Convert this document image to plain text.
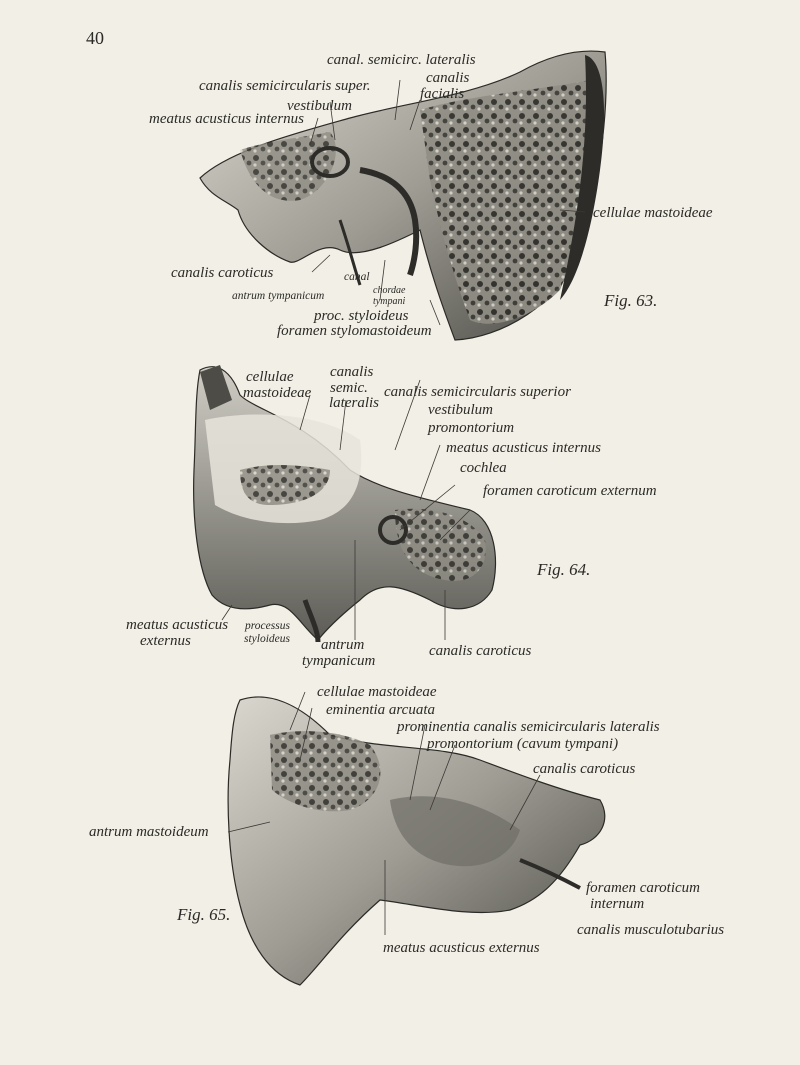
40
canal. semicirc. lateralis
canalis semicircularis super.	canalis
facialis
vestibulum
meatus acusticus internus
cellulae mastoideae
canalis caroticus	canal
antrum tympanicum	chordae
tympani
proc. styloideus
foramen stylomastoideum
Fig. 63.
cellulae
mastoideae
canalis
semic.
lateralis
canalis semicircularis superior
vestibulum
promontorium
meatus acusticus internus
cochlea
foramen caroticum externum
meatus acusticus
externus
processus
styloideus antrum
tympanicum
canalis caroticus
Fig. 64.
cellulae mastoideae
eminentia arcuata
prominentia canalis semicircularis lateralis
promontorium (cavum tympani)
canalis caroticus
antrum mastoideum
foramen caroticum
internum
canalis musculotubarius
meatus acusticus externus
Fig. 65.
